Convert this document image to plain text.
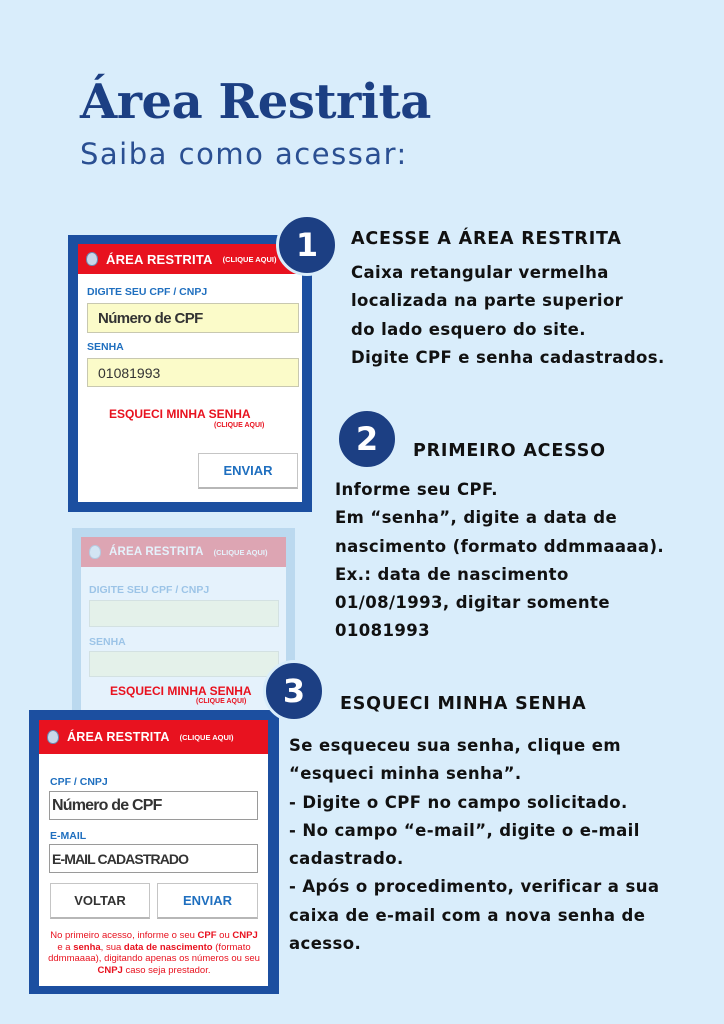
Área Restrita
Saiba como acessar:
ÁREA RESTRITA (CLIQUE AQUI)
DIGITE SEU CPF / CNPJ
Número de CPF
SENHA
01081993
ESQUECI MINHA SENHA
(CLIQUE AQUI)
ENVIAR
ÁREA RESTRITA (CLIQUE AQUI)
DIGITE SEU CPF / CNPJ
SENHA
ESQUECI MINHA SENHA
(CLIQUE AQUI)
ÁREA RESTRITA (CLIQUE AQUI)
CPF / CNPJ
Número de CPF
E-MAIL
E-MAIL CADASTRADO
VOLTAR	ENVIAR
No primeiro acesso, informe o seu CPF ou CNPJ e a senha, sua data de nascimento (formato ddmmaaaa), digitando apenas os números ou seu CNPJ caso seja prestador.
1
2
3
ACESSE A ÁREA RESTRITA
Caixa retangular vermelha
localizada na parte superior
do lado esquero do site.
Digite CPF e senha cadastrados.
PRIMEIRO ACESSO
Informe seu CPF.
Em “senha”, digite a data de
nascimento (formato ddmmaaaa).
Ex.: data de nascimento
01/08/1993, digitar somente
01081993
ESQUECI MINHA SENHA
Se esqueceu sua senha, clique em
“esqueci minha senha”.
- Digite o CPF no campo solicitado.
- No campo “e-mail”, digite o e-mail
cadastrado.
- Após o procedimento, verificar a sua
caixa de e-mail com a nova senha de
acesso.
